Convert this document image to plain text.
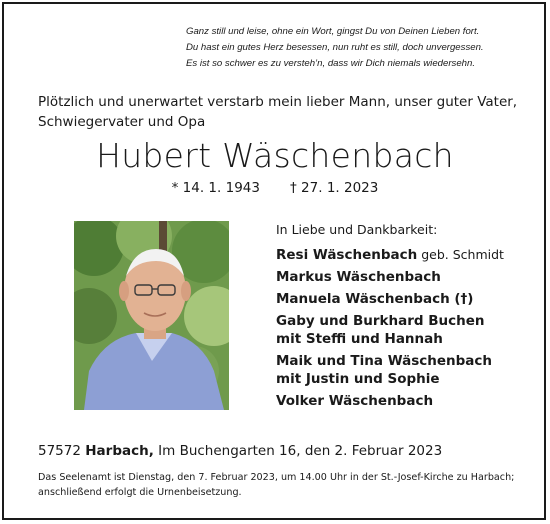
Ganz still und leise, ohne ein Wort, gingst Du von Deinen Lieben fort.
Du hast ein gutes Herz besessen, nun ruht es still, doch unvergessen.
Es ist so schwer es zu versteh’n, dass wir Dich niemals wiedersehn.
Plötzlich und unerwartet verstarb mein lieber Mann, unser guter Vater,
Schwiegervater und Opa
Hubert Wäschenbach
* 14. 1. 1943 † 27. 1. 2023
In Liebe und Dankbarkeit:
Resi Wäschenbach geb. Schmidt
Markus Wäschenbach
Manuela Wäschenbach (†)
Gaby und Burkhard Buchen
mit Steffi und Hannah
Maik und Tina Wäschenbach
mit Justin und Sophie
Volker Wäschenbach
57572 Harbach, Im Buchengarten 16, den 2. Februar 2023
Das Seelenamt ist Dienstag, den 7. Februar 2023, um 14.00 Uhr in der St.-Josef-Kirche zu Harbach;
anschließend erfolgt die Urnenbeisetzung.
